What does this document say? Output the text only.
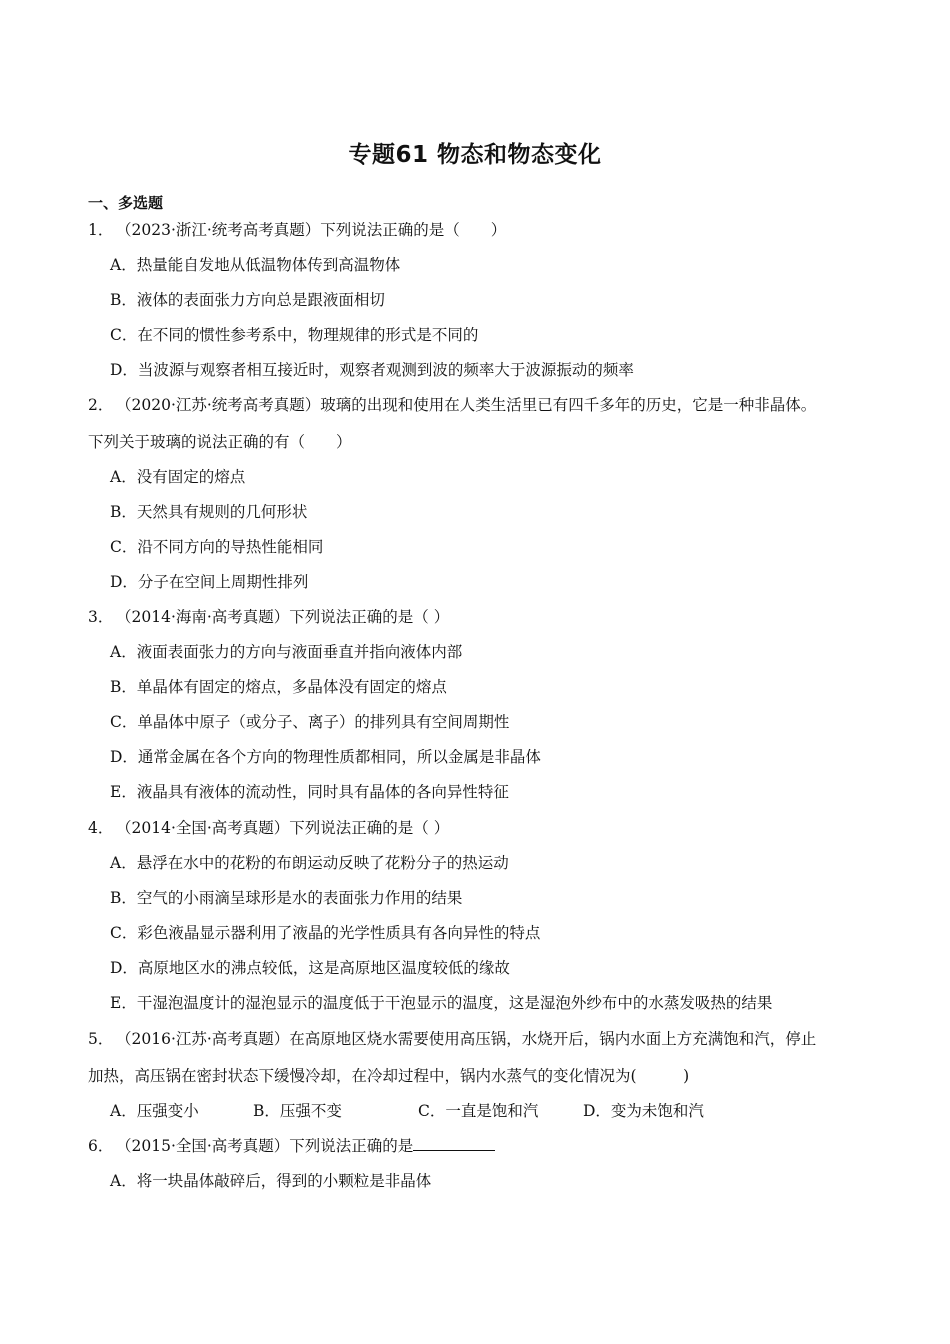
专题61 物态和物态变化
一、多选题
1． （2023·浙江·统考高考真题）下列说法正确的是（　　）
A．热量能自发地从低温物体传到高温物体
B．液体的表面张力方向总是跟液面相切
C．在不同的惯性参考系中，物理规律的形式是不同的
D．当波源与观察者相互接近时，观察者观测到波的频率大于波源振动的频率
2． （2020·江苏·统考高考真题）玻璃的出现和使用在人类生活里已有四千多年的历史，它是一种非晶体。
下列关于玻璃的说法正确的有（　　）
A．没有固定的熔点
B．天然具有规则的几何形状
C．沿不同方向的导热性能相同
D．分子在空间上周期性排列
3． （2014·海南·高考真题）下列说法正确的是（ ）
A．液面表面张力的方向与液面垂直并指向液体内部
B．单晶体有固定的熔点，多晶体没有固定的熔点
C．单晶体中原子（或分子、离子）的排列具有空间周期性
D．通常金属在各个方向的物理性质都相同，所以金属是非晶体
E．液晶具有液体的流动性，同时具有晶体的各向异性特征
4． （2014·全国·高考真题）下列说法正确的是（ ）
A．悬浮在水中的花粉的布朗运动反映了花粉分子的热运动
B．空气的小雨滴呈球形是水的表面张力作用的结果
C．彩色液晶显示器利用了液晶的光学性质具有各向异性的特点
D．高原地区水的沸点较低，这是高原地区温度较低的缘故
E．干湿泡温度计的湿泡显示的温度低于干泡显示的温度，这是湿泡外纱布中的水蒸发吸热的结果
5． （2016·江苏·高考真题）在高原地区烧水需要使用高压锅，水烧开后，锅内水面上方充满饱和汽，停止
加热，高压锅在密封状态下缓慢冷却，在冷却过程中，锅内水蒸气的变化情况为(　　　)
A．压强变小	B．压强不变	C．一直是饱和汽	D．变为未饱和汽
6． （2015·全国·高考真题）下列说法正确的是
A．将一块晶体敲碎后，得到的小颗粒是非晶体
